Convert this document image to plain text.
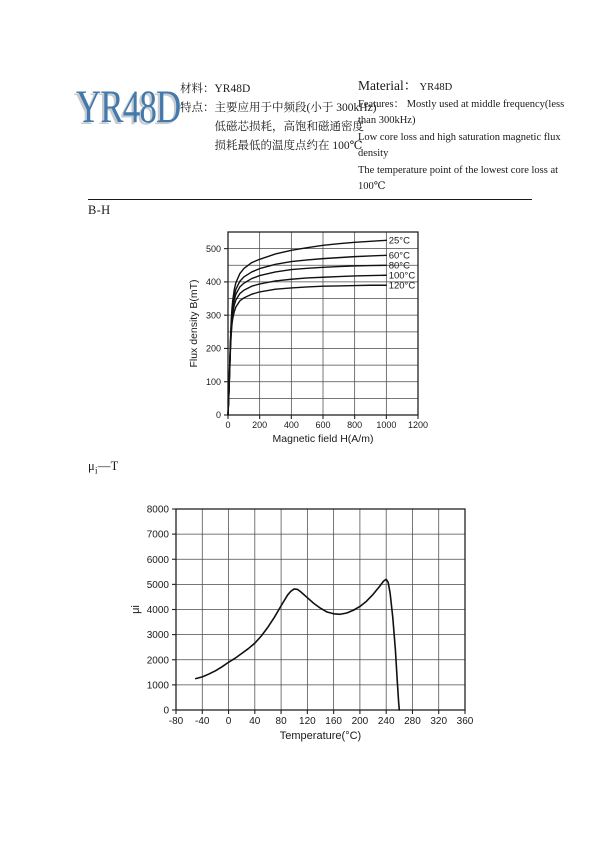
YR48D 材料： YR48D
特点： 主要应用于中频段(小于 300kHz)
低磁芯损耗，高饱和磁通密度
损耗最低的温度点约在 100℃
Material： YR48D
Features： Mostly used at middle frequency(less
than 300kHz)
Low core loss and high saturation magnetic flux
density
The temperature point of the lowest core loss at
100℃
B-H
0 200 400 600 800 1000 1200
0
100
200
300
400
500
Magnetic field H(A/m)
Flux density B(mT)
25°C
60°C
80°C
100°C
120°C
$\mu_i—T$
-80 -40 0 40 80 120 160 200 240 280 320 360
0
1000
2000
3000
4000
5000
6000
7000
8000
Temperature(°C)
μi
